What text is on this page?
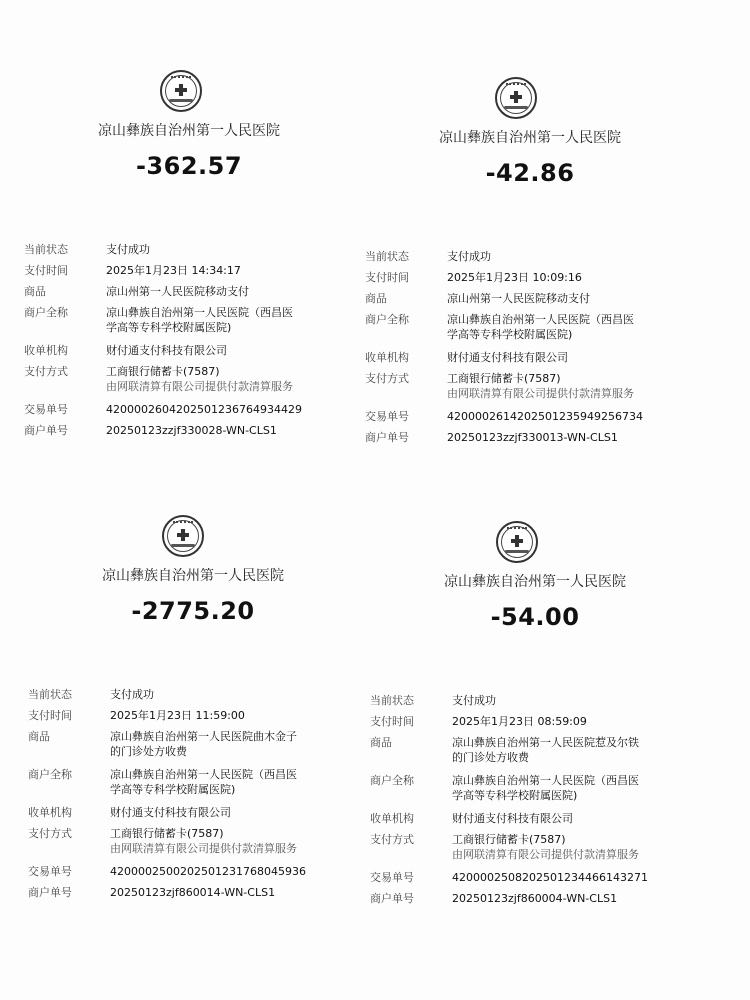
凉山彝族自治州第一人民医院
-362.57
当前状态	支付成功
支付时间	2025年1月23日 14:34:17
商品	凉山州第一人民医院移动支付
商户全称	凉山彝族自治州第一人民医院（西昌医
学高等专科学校附属医院)
收单机构	财付通支付科技有限公司
支付方式	工商银行储蓄卡(7587)
由网联清算有限公司提供付款清算服务
交易单号	4200002604202501236764934429
商户单号	20250123zzjf330028-WN-CLS1
凉山彝族自治州第一人民医院
-42.86
当前状态	支付成功
支付时间	2025年1月23日 10:09:16
商品	凉山州第一人民医院移动支付
商户全称	凉山彝族自治州第一人民医院（西昌医
学高等专科学校附属医院)
收单机构	财付通支付科技有限公司
支付方式	工商银行储蓄卡(7587)
由网联清算有限公司提供付款清算服务
交易单号	4200002614202501235949256734
商户单号	20250123zzjf330013-WN-CLS1
凉山彝族自治州第一人民医院
-2775.20
当前状态	支付成功
支付时间	2025年1月23日 11:59:00
商品	凉山彝族自治州第一人民医院曲木金子
的门诊处方收费
商户全称	凉山彝族自治州第一人民医院（西昌医
学高等专科学校附属医院)
收单机构	财付通支付科技有限公司
支付方式	工商银行储蓄卡(7587)
由网联清算有限公司提供付款清算服务
交易单号	4200002500202501231768045936
商户单号	20250123zjf860014-WN-CLS1
凉山彝族自治州第一人民医院
-54.00
当前状态	支付成功
支付时间	2025年1月23日 08:59:09
商品	凉山彝族自治州第一人民医院惹及尔铁
的门诊处方收费
商户全称	凉山彝族自治州第一人民医院（西昌医
学高等专科学校附属医院)
收单机构	财付通支付科技有限公司
支付方式	工商银行储蓄卡(7587)
由网联清算有限公司提供付款清算服务
交易单号	4200002508202501234466143271
商户单号	20250123zjf860004-WN-CLS1
